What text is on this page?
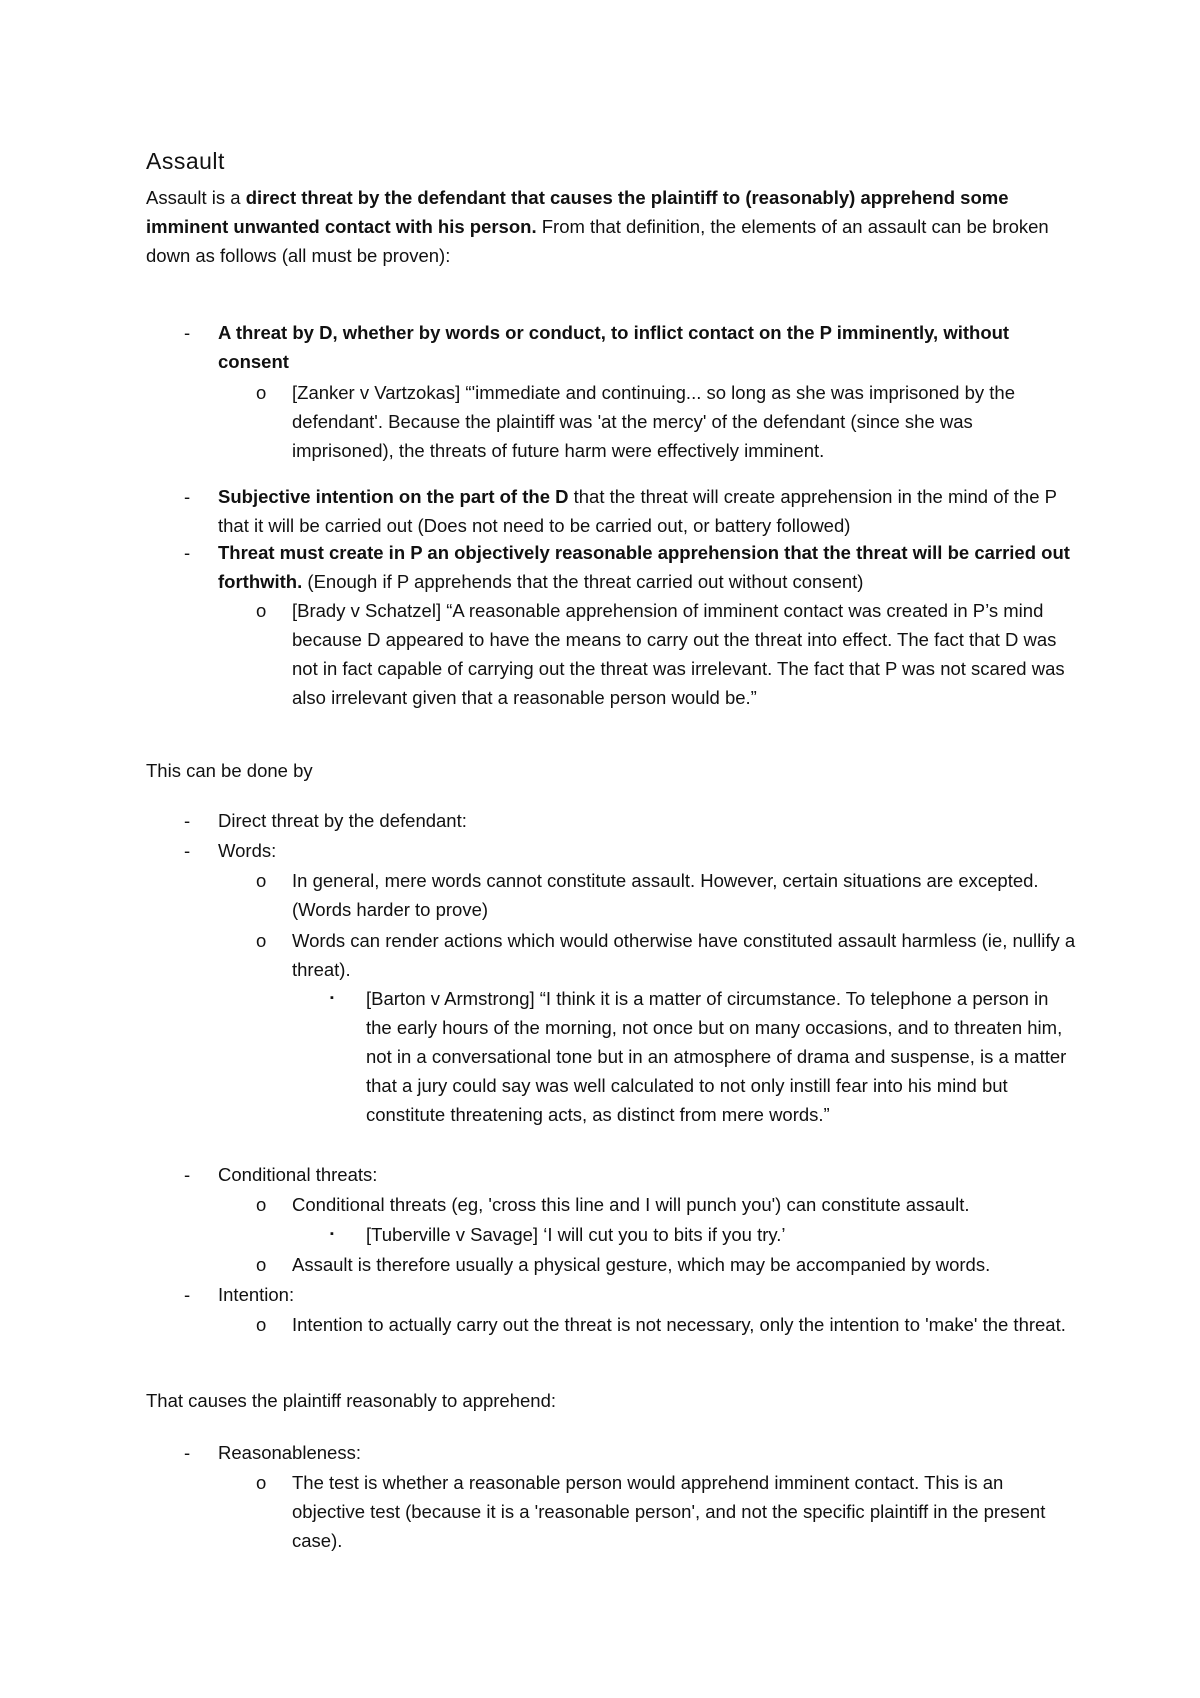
Assault

Assault is a direct threat by the defendant that causes the plaintiff to (reasonably) apprehend some imminent unwanted contact with his person. From that definition, the elements of an assault can be broken down as follows (all must be proven):

- A threat by D, whether by words or conduct, to inflict contact on the P imminently, without consent

o [Zanker v Vartzokas] “'immediate and continuing... so long as she was imprisoned by the defendant'. Because the plaintiff was 'at the mercy' of the defendant (since she was imprisoned), the threats of future harm were effectively imminent.

- Subjective intention on the part of the D that the threat will create apprehension in the mind of the P that it will be carried out (Does not need to be carried out, or battery followed)

- Threat must create in P an objectively reasonable apprehension that the threat will be carried out forthwith. (Enough if P apprehends that the threat carried out without consent)

o [Brady v Schatzel] “A reasonable apprehension of imminent contact was created in P’s mind because D appeared to have the means to carry out the threat into effect. The fact that D was not in fact capable of carrying out the threat was irrelevant. The fact that P was not scared was also irrelevant given that a reasonable person would be.”

This can be done by

- Direct threat by the defendant:

- Words:

o In general, mere words cannot constitute assault. However, certain situations are excepted. (Words harder to prove)

o Words can render actions which would otherwise have constituted assault harmless (ie, nullify a threat).

▪ [Barton v Armstrong] “I think it is a matter of circumstance. To telephone a person in the early hours of the morning, not once but on many occasions, and to threaten him, not in a conversational tone but in an atmosphere of drama and suspense, is a matter that a jury could say was well calculated to not only instill fear into his mind but constitute threatening acts, as distinct from mere words.”

- Conditional threats:

o Conditional threats (eg, 'cross this line and I will punch you') can constitute assault.

▪ [Tuberville v Savage] ‘I will cut you to bits if you try.’

o Assault is therefore usually a physical gesture, which may be accompanied by words.

- Intention:

o Intention to actually carry out the threat is not necessary, only the intention to 'make' the threat.

That causes the plaintiff reasonably to apprehend:

- Reasonableness:

o The test is whether a reasonable person would apprehend imminent contact. This is an objective test (because it is a 'reasonable person', and not the specific plaintiff in the present case).
